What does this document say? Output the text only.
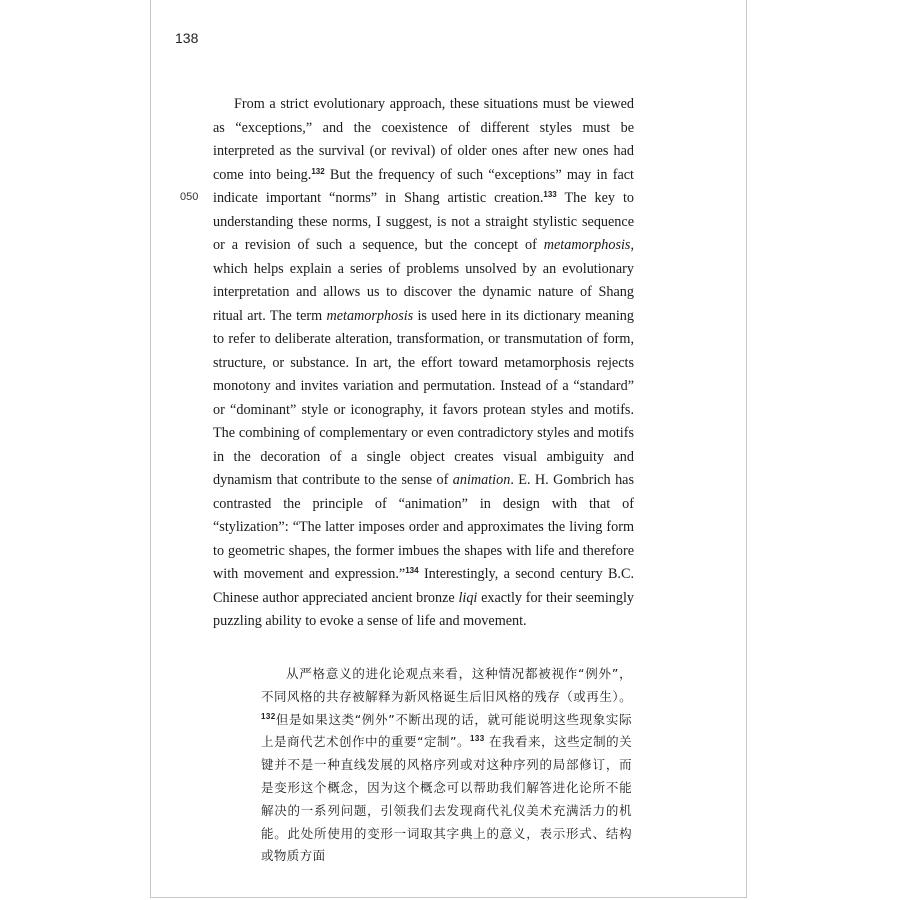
138
050

From a strict evolutionary approach, these situations must be viewed as “exceptions,” and the coexistence of different styles must be interpreted as the survival (or revival) of older ones after new ones had come into being.$^{132}$ But the frequency of such “exceptions” may in fact indicate important “norms” in Shang artistic creation.$^{133}$ The key to understanding these norms, I suggest, is not a straight stylistic sequence or a revision of such a sequence, but the concept of metamorphosis, which helps explain a series of problems unsolved by an evolutionary interpretation and allows us to discover the dynamic nature of Shang ritual art. The term metamorphosis is used here in its dictionary meaning to refer to deliberate alteration, transformation, or transmutation of form, structure, or substance. In art, the effort toward metamorphosis rejects monotony and invites variation and permutation. Instead of a “standard” or “dominant” style or iconography, it favors protean styles and motifs. The combining of complementary or even contradictory styles and motifs in the decoration of a single object creates visual ambiguity and dynamism that contribute to the sense of animation. E. H. Gombrich has contrasted the principle of “animation” in design with that of “stylization”: “The latter imposes order and approximates the living form to geometric shapes, the former imbues the shapes with life and therefore with movement and expression.”$^{134}$ Interestingly, a second century B.C. Chinese author appreciated ancient bronze liqi exactly for their seemingly puzzling ability to evoke a sense of life and movement.

从严格意义的进化论观点来看，这种情况都被视作“例外”，不同风格的共存被解释为新风格诞生后旧风格的残存（或再生）。$^{132}$但是如果这类“例外”不断出现的话，就可能说明这些现象实际上是商代艺术创作中的重要“定制”。$^{133}$ 在我看来，这些定制的关键并不是一种直线发展的风格序列或对这种序列的局部修订，而是变形这个概念，因为这个概念可以帮助我们解答进化论所不能解决的一系列问题，引领我们去发现商代礼仪美术充满活力的机能。此处所使用的变形一词取其字典上的意义，表示形式、结构或物质方面
